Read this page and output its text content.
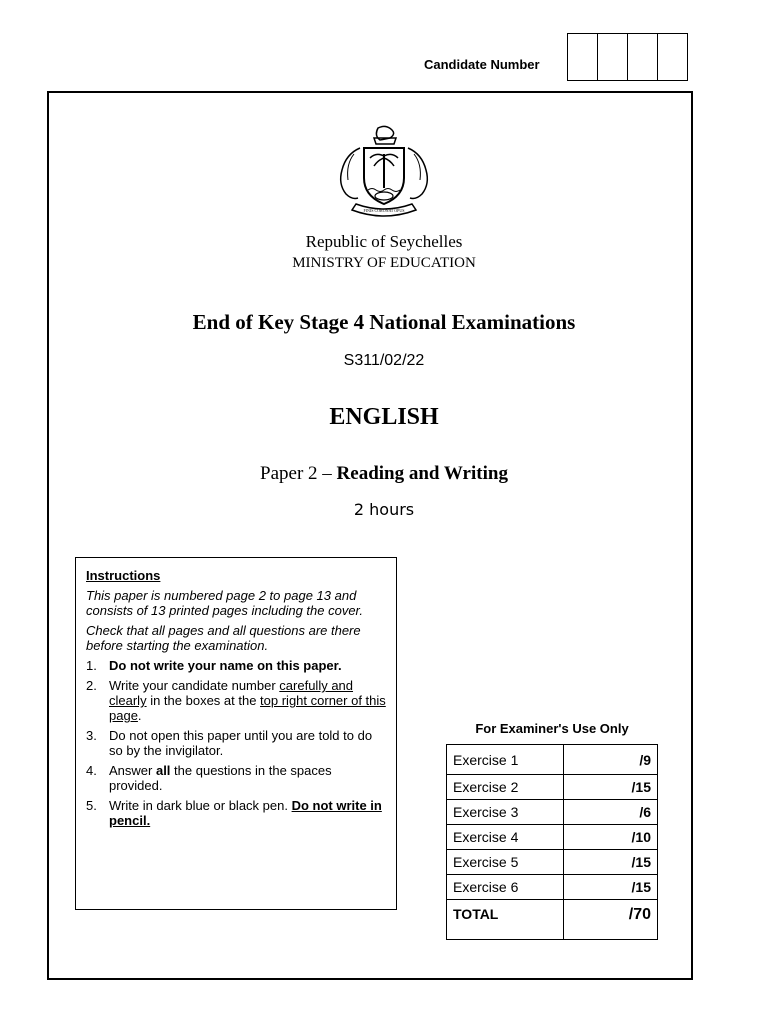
Candidate Number
FINIS CORONAT OPUS
Republic of Seychelles
MINISTRY OF EDUCATION
End of Key Stage 4 National Examinations
S311/02/22
ENGLISH
Paper 2 – Reading and Writing
2 hours
Instructions

This paper is numbered page 2 to page 13 and consists of 13 printed pages including the cover.

Check that all pages and all questions are there before starting the examination.

1. Do not write your name on this paper.
2. Write your candidate number carefully and clearly in the boxes at the top right corner of this page.
3. Do not open this paper until you are told to do so by the invigilator.
4. Answer all the questions in the spaces provided.
5. Write in dark blue or black pen. Do not write in pencil.
For Examiner's Use Only
Exercise 1	/9
Exercise 2	/15
Exercise 3	/6
Exercise 4	/10
Exercise 5	/15
Exercise 6	/15
TOTAL	/70
